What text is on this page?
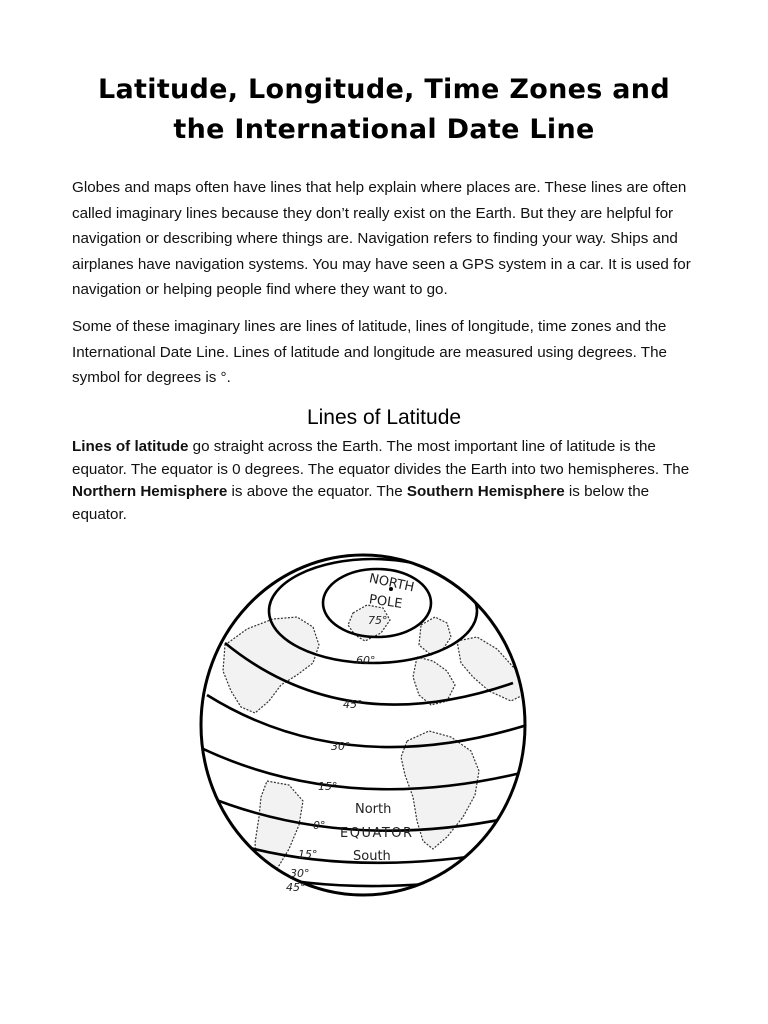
Latitude, Longitude, Time Zones and
the International Date Line

Globes and maps often have lines that help explain where places are. These lines are often called imaginary lines because they don’t really exist on the Earth. But they are helpful for navigation or describing where things are. Navigation refers to finding your way. Ships and airplanes have navigation systems. You may have seen a GPS system in a car. It is used for navigation or helping people find where they want to go.

Some of these imaginary lines are lines of latitude, lines of longitude, time zones and the International Date Line. Lines of latitude and longitude are measured using degrees. The symbol for degrees is °.

Lines of Latitude

Lines of latitude go straight across the Earth. The most important line of latitude is the equator. The equator is 0 degrees. The equator divides the Earth into two hemispheres. The Northern Hemisphere is above the equator. The Southern Hemisphere is below the equator.

NORTH
POLE
75°
60°
45°
30°
15°
North
0°
EQUATOR
South
15°
30°
45°
